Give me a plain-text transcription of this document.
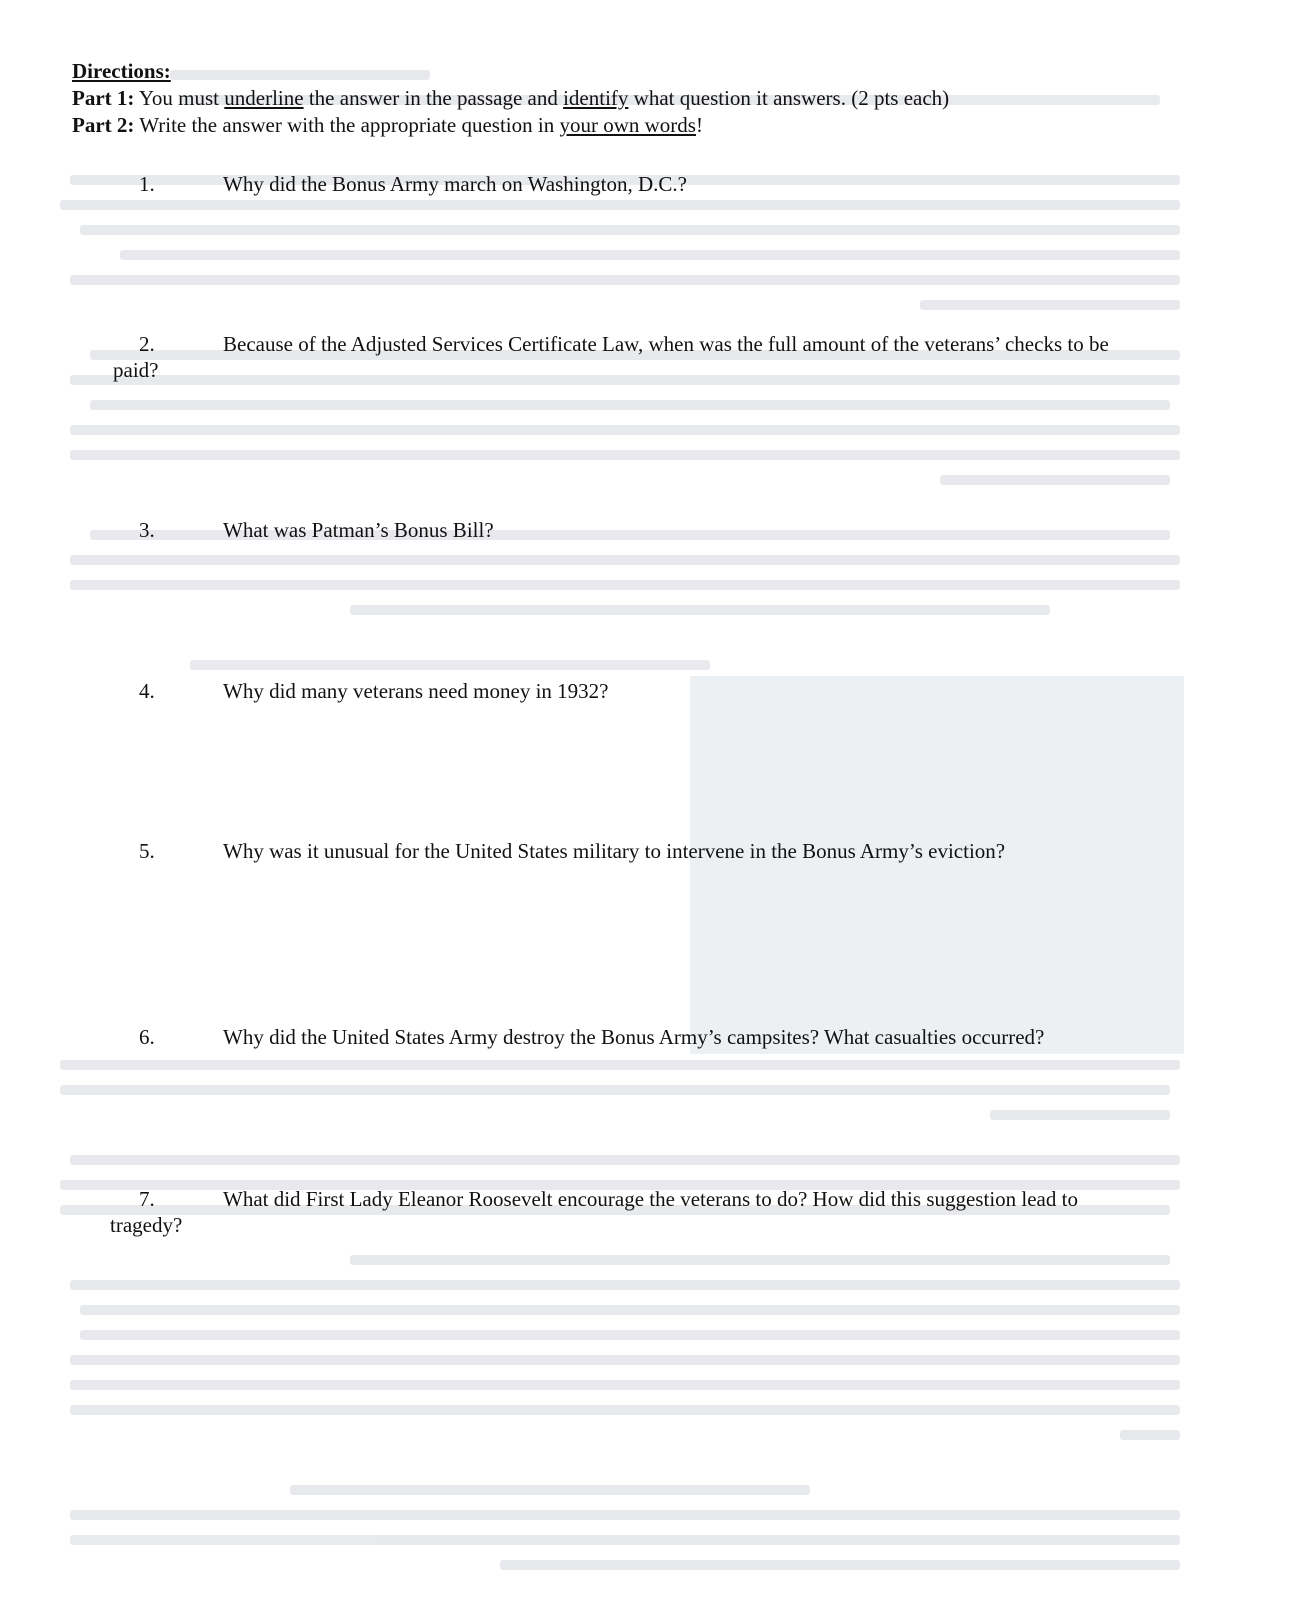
Directions:
Part 1: You must underline the answer in the passage and identify what question it answers. (2 pts each)
Part 2: Write the answer with the appropriate question in your own words!
1.	Why did the Bonus Army march on Washington, D.C.?
2.	Because of the Adjusted Services Certificate Law, when was the full amount of the veterans’ checks to be
paid?
3.	What was Patman’s Bonus Bill?
4.	Why did many veterans need money in 1932?
5.	Why was it unusual for the United States military to intervene in the Bonus Army’s eviction?
6.	Why did the United States Army destroy the Bonus Army’s campsites? What casualties occurred?
7.	What did First Lady Eleanor Roosevelt encourage the veterans to do? How did this suggestion lead to
tragedy?
